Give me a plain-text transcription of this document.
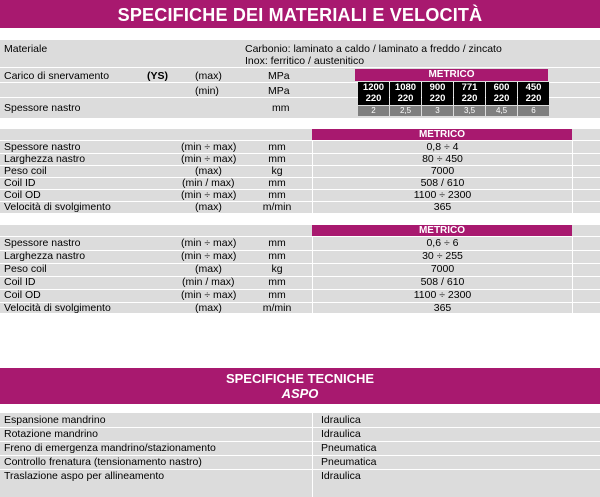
SPECIFICHE DEI MATERIALI E VELOCITÀ
Materiale	Carbonio: laminato a caldo / laminato a freddo / zincato
Inox: ferritico / austenitico
Carico di snervamento	(YS)	(max)	MPa
(min)	MPa
Spessore nastro	mm
METRICO
1200	1080	900	771	600	450
220	220	220	220	220	220
2	2,5	3	3,5	4,5	6
METRICO
Spessore nastro	(min ÷ max)	mm	0,8 ÷ 4
Larghezza nastro	(min ÷ max)	mm	80 ÷ 450
Peso coil	(max)	kg	7000
Coil ID	(min / max)	mm	508 / 610
Coil OD	(min ÷ max)	mm	1100 ÷ 2300
Velocità di svolgimento	(max)	m/min	365
METRICO
Spessore nastro	(min ÷ max)	mm	0,6 ÷ 6
Larghezza nastro	(min ÷ max)	mm	30 ÷ 255
Peso coil	(max)	kg	7000
Coil ID	(min / max)	mm	508 / 610
Coil OD	(min ÷ max)	mm	1100 ÷ 2300
Velocità di svolgimento	(max)	m/min	365
SPECIFICHE TECNICHE
ASPO
Espansione mandrino	Idraulica
Rotazione mandrino	Idraulica
Freno di emergenza mandrino/stazionamento	Pneumatica
Controllo frenatura (tensionamento nastro)	Pneumatica
Traslazione aspo per allineamento	Idraulica
